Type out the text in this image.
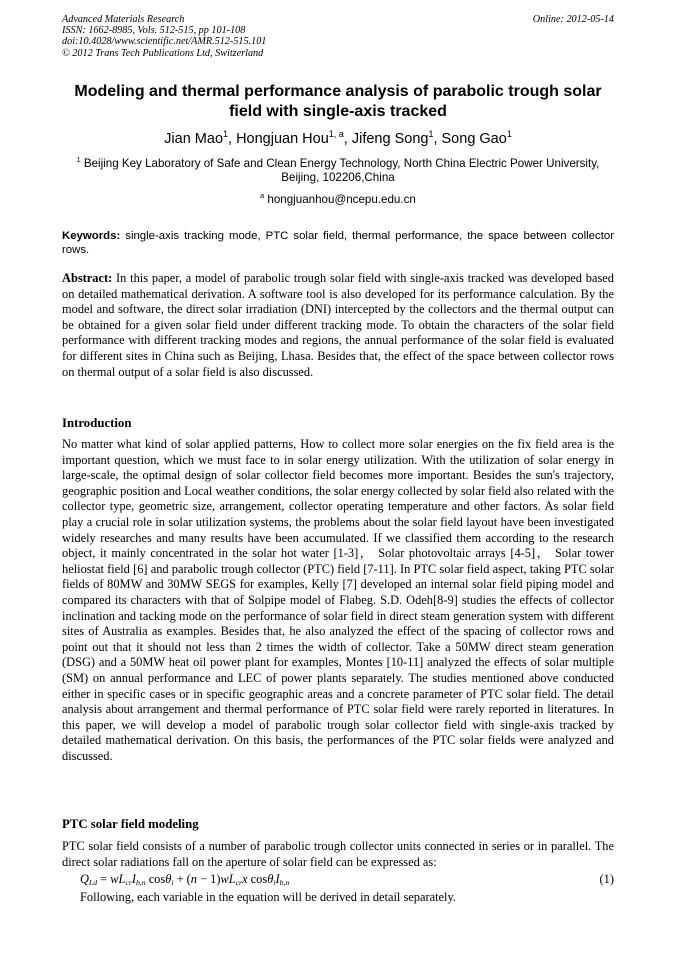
Advanced Materials Research
ISSN: 1662-8985, Vols. 512-515, pp 101-108
doi:10.4028/www.scientific.net/AMR.512-515.101
© 2012 Trans Tech Publications Ltd, Switzerland
Online: 2012-05-14
Modeling and thermal performance analysis of parabolic trough solar field with single-axis tracked
Jian Mao$^1$, Hongjuan Hou$^{1, a}$, Jifeng Song$^1$, Song Gao$^1$
$^1$ Beijing Key Laboratory of Safe and Clean Energy Technology, North China Electric Power University, Beijing, 102206,China
$^a$ hongjuanhou@ncepu.edu.cn
Keywords: single-axis tracking mode, PTC solar field, thermal performance, the space between collector rows.
Abstract: In this paper, a model of parabolic trough solar field with single-axis tracked was developed based on detailed mathematical derivation. A software tool is also developed for its performance calculation. By the model and software, the direct solar irradiation (DNI) intercepted by the collectors and the thermal output can be obtained for a given solar field under different tracking mode. To obtain the characters of the solar field performance with different tracking modes and regions, the annual performance of the solar field is evaluated for different sites in China such as Beijing, Lhasa. Besides that, the effect of the space between collector rows on thermal output of a solar field is also discussed.
Introduction
No matter what kind of solar applied patterns, How to collect more solar energies on the fix field area is the important question, which we must face to in solar energy utilization. With the utilization of solar energy in large-scale, the optimal design of solar collector field becomes more important. Besides the sun's trajectory, geographic position and Local weather conditions, the solar energy collected by solar field also related with the collector type, geometric size, arrangement, collector operating temperature and other factors. As solar field play a crucial role in solar utilization systems, the problems about the solar field layout have been investigated widely researches and many results have been accumulated. If we classified them according to the research object, it mainly concentrated in the solar hot water [1-3]， Solar photovoltaic arrays [4-5]， Solar tower heliostat field [6] and parabolic trough collector (PTC) field [7-11]. In PTC solar field aspect, taking PTC solar fields of 80MW and 30MW SEGS for examples, Kelly [7] developed an internal solar field piping model and compared its characters with that of Solpipe model of Flabeg. S.D. Odeh[8-9] studies the effects of collector inclination and tacking mode on the performance of solar field in direct steam generation system with different sites of Australia as examples. Besides that, he also analyzed the effect of the spacing of collector rows and point out that it should not less than 2 times the width of collector. Take a 50MW direct steam generation (DSG) and a 50MW heat oil power plant for examples, Montes [10-11] analyzed the effects of solar multiple (SM) on annual performance and LEC of power plants separately. The studies mentioned above conducted either in specific cases or in specific geographic areas and a concrete parameter of PTC solar field. The detail analysis about arrangement and thermal performance of PTC solar field were rarely reported in literatures. In this paper, we will develop a model of parabolic trough solar collector field with single-axis tracked by detailed mathematical derivation. On this basis, the performances of the PTC solar fields were analyzed and discussed.
PTC solar field modeling
PTC solar field consists of a number of parabolic trough collector units connected in series or in parallel. The direct solar radiations fall on the aperture of solar field can be expressed as:
$Q_{Ld} = wL_{cr}I_{b,n}$ $\cos\theta_i + (n - 1)wL_{cr}x$ $\cos\theta_iI_{b,n}$	(1)
Following, each variable in the equation will be derived in detail separately.
